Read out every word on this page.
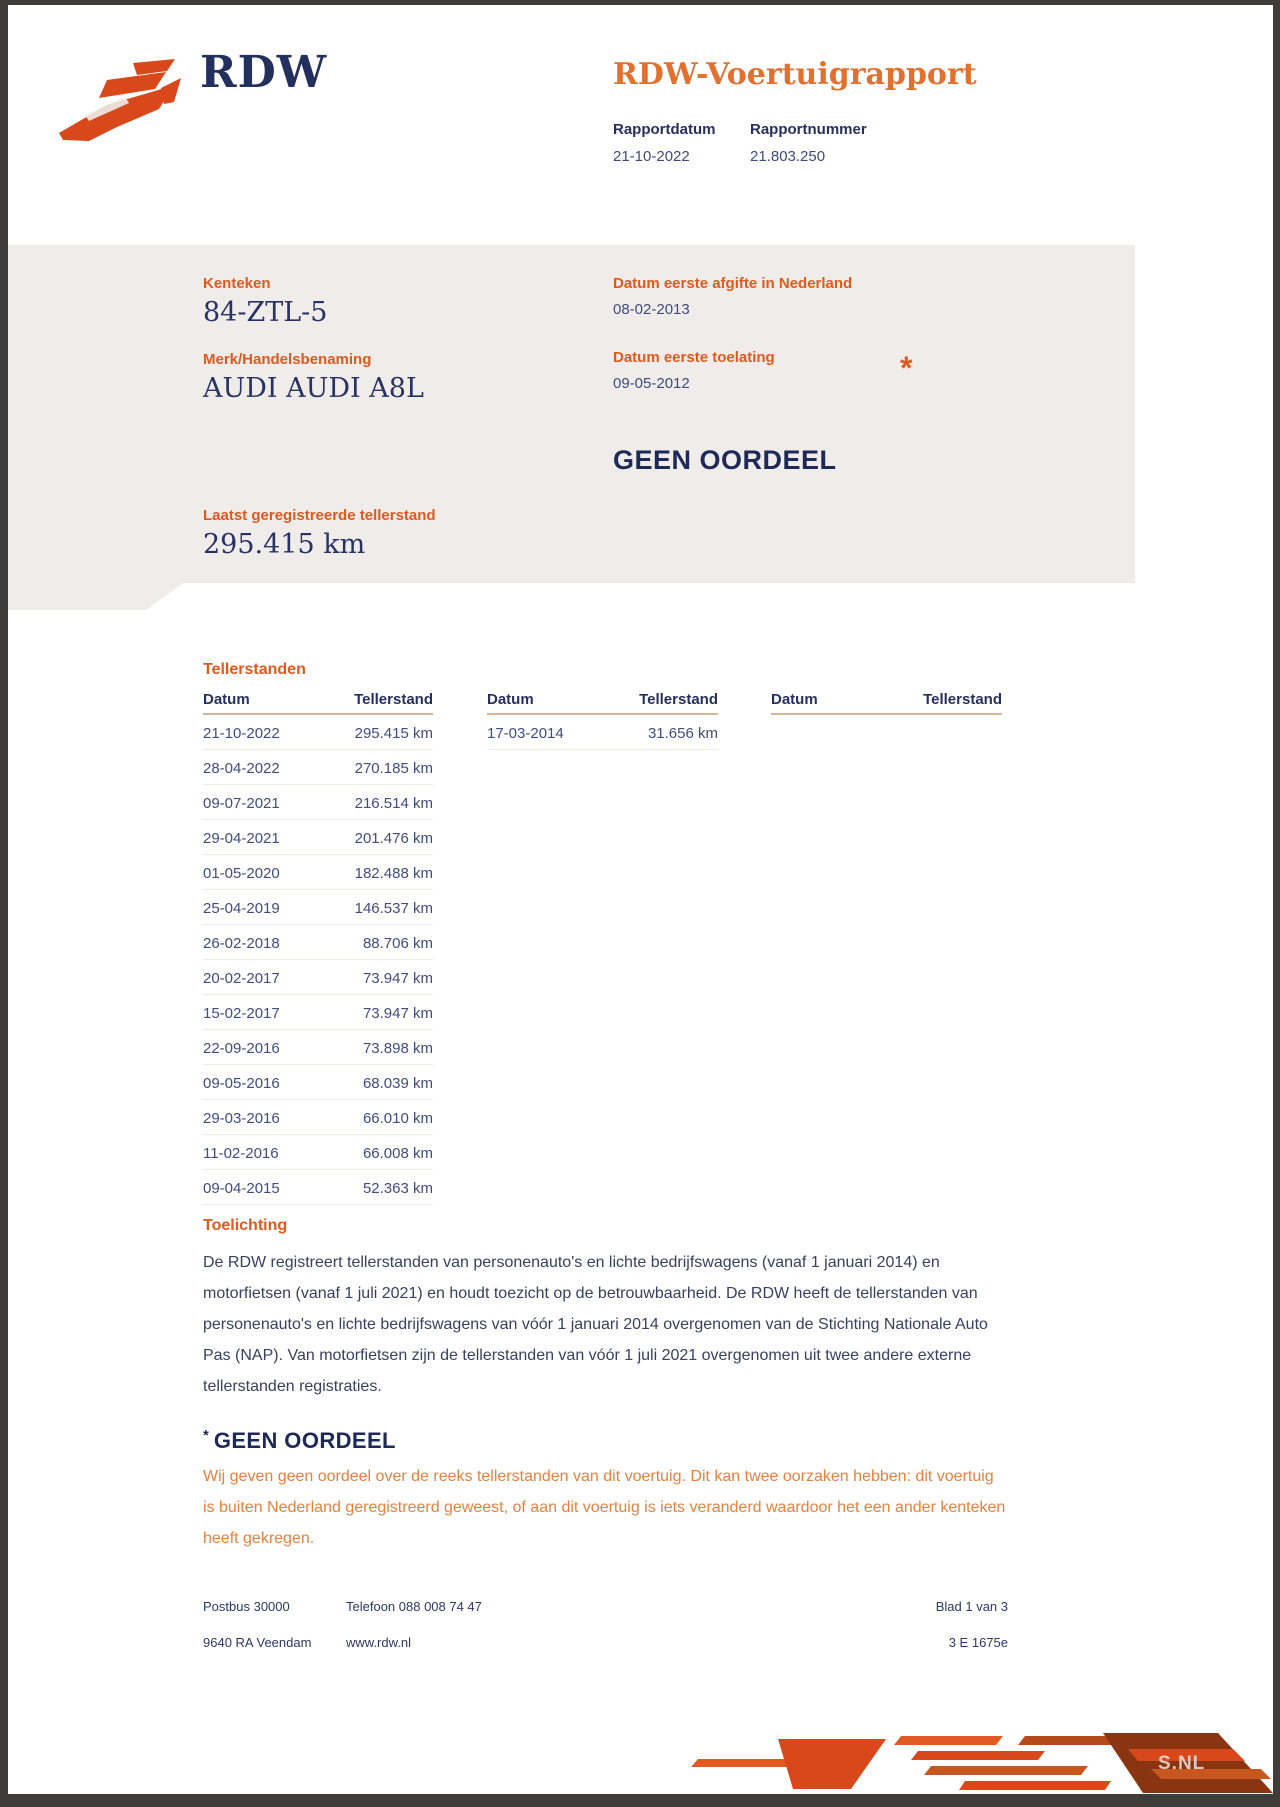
RDW	RDW-Voertuigrapport
Rapportdatum Rapportnummer
21-10-2022	21.803.250
Kenteken
84-ZTL-5
Merk/Handelsbenaming
AUDI AUDI A8L
Datum eerste afgifte in Nederland
08-02-2013
Datum eerste toelating
09-05-2012
GEEN OORDEEL
*
Laatst geregistreerde tellerstand
295.415 km
Tellerstanden
Datum	Tellerstand
21-10-2022	295.415 km
28-04-2022	270.185 km
09-07-2021	216.514 km
29-04-2021	201.476 km
01-05-2020	182.488 km
25-04-2019	146.537 km
26-02-2018	88.706 km
20-02-2017	73.947 km
15-02-2017	73.947 km
22-09-2016	73.898 km
09-05-2016	68.039 km
29-03-2016	66.010 km
11-02-2016	66.008 km
09-04-2015	52.363 km
Datum	Tellerstand
17-03-2014	31.656 km
Datum	Tellerstand
Toelichting
De RDW registreert tellerstanden van personenauto's en lichte bedrijfswagens (vanaf 1 januari 2014) en motorfietsen (vanaf 1 juli 2021) en houdt toezicht op de betrouwbaarheid. De RDW heeft de tellerstanden van personenauto's en lichte bedrijfswagens van vóór 1 januari 2014 overgenomen van de Stichting Nationale Auto Pas (NAP). Van motorfietsen zijn de tellerstanden van vóór 1 juli 2021 overgenomen uit twee andere externe tellerstanden registraties.
* GEEN OORDEEL
Wij geven geen oordeel over de reeks tellerstanden van dit voertuig. Dit kan twee oorzaken hebben: dit voertuig is buiten Nederland geregistreerd geweest, of aan dit voertuig is iets veranderd waardoor het een ander kenteken heeft gekregen.
Postbus 30000	Telefoon 088 008 74 47
9640 RA Veendam	www.rdw.nl
Blad 1 van 3
3 E 1675e
S.NL
